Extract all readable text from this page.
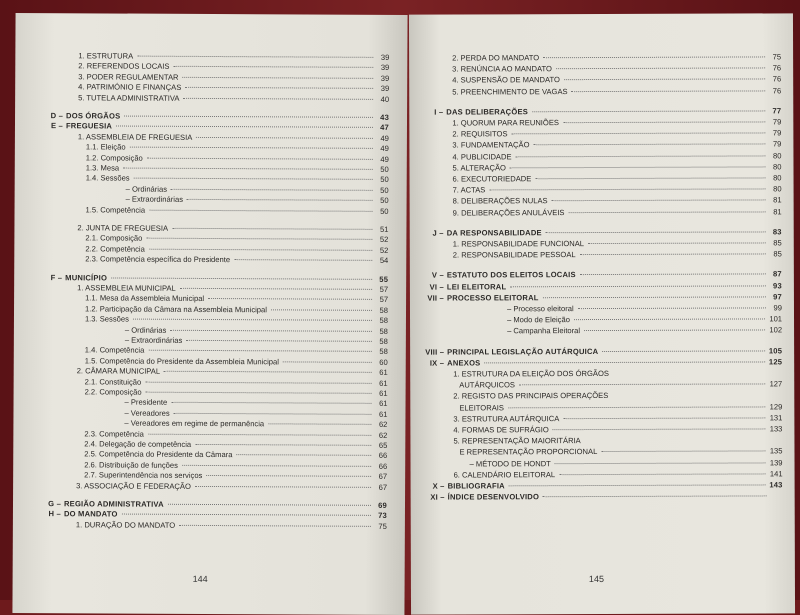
144
1. ESTRUTURA	39
2. REFERENDOS LOCAIS	39
3. PODER REGULAMENTAR	39
4. PATRIMÓNIO E FINANÇAS	39
5. TUTELA ADMINISTRATIVA	40
D – DOS ÓRGÃOS	43
E – FREGUESIA	47
1. ASSEMBLEIA DE FREGUESIA	49
1.1. Eleição	49
1.2. Composição	49
1.3. Mesa	50
1.4. Sessões	50
– Ordinárias	50
– Extraordinárias	50
1.5. Competência	50
2. JUNTA DE FREGUESIA	51
2.1. Composição	52
2.2. Competência	52
2.3. Competência específica do Presidente	54
F – MUNICÍPIO	55
1. ASSEMBLEIA MUNICIPAL	57
1.1. Mesa da Assembleia Municipal	57
1.2. Participação da Câmara na Assembleia Municipal	58
1.3. Sessões	58
– Ordinárias	58
– Extraordinárias	58
1.4. Competência	58
1.5. Competência do Presidente da Assembleia Municipal	60
2. CÂMARA MUNICIPAL	61
2.1. Constituição	61
2.2. Composição	61
– Presidente	61
– Vereadores	61
– Vereadores em regime de permanência	62
2.3. Competência	62
2.4. Delegação de competência	65
2.5. Competência do Presidente da Câmara	66
2.6. Distribuição de funções	66
2.7. Superintendência nos serviços	67
3. ASSOCIAÇÃO E FEDERAÇÃO	67
G – REGIÃO ADMINISTRATIVA	69
H – DO MANDATO	73
1. DURAÇÃO DO MANDATO	75
145
2. PERDA DO MANDATO	75
3. RENÚNCIA AO MANDATO	76
4. SUSPENSÃO DE MANDATO	76
5. PREENCHIMENTO DE VAGAS	76
I – DAS DELIBERAÇÕES	77
1. QUORUM PARA REUNIÕES	79
2. REQUISITOS	79
3. FUNDAMENTAÇÃO	79
4. PUBLICIDADE	80
5. ALTERAÇÃO	80
6. EXECUTORIEDADE	80
7. ACTAS	80
8. DELIBERAÇÕES NULAS	81
9. DELIBERAÇÕES ANULÁVEIS	81
J – DA RESPONSABILIDADE	83
1. RESPONSABILIDADE FUNCIONAL	85
2. RESPONSABILIDADE PESSOAL	85
V – ESTATUTO DOS ELEITOS LOCAIS	87
VI – LEI ELEITORAL	93
VII – PROCESSO ELEITORAL	97
– Processo eleitoral	99
– Modo de Eleição	101
– Campanha Eleitoral	102
VIII – PRINCIPAL LEGISLAÇÃO AUTÁRQUICA	105
IX – ANEXOS	125
1. ESTRUTURA DA ELEIÇÃO DOS ÓRGÃOS
AUTÁRQUICOS	127
2. REGISTO DAS PRINCIPAIS OPERAÇÕES
ELEITORAIS	129
3. ESTRUTURA AUTÁRQUICA	131
4. FORMAS DE SUFRÁGIO	133
5. REPRESENTAÇÃO MAIORITÁRIA
E REPRESENTAÇÃO PROPORCIONAL	135
– MÉTODO DE HONDT	139
6. CALENDÁRIO ELEITORAL	141
X – BIBLIOGRAFIA	143
XI – ÍNDICE DESENVOLVIDO
